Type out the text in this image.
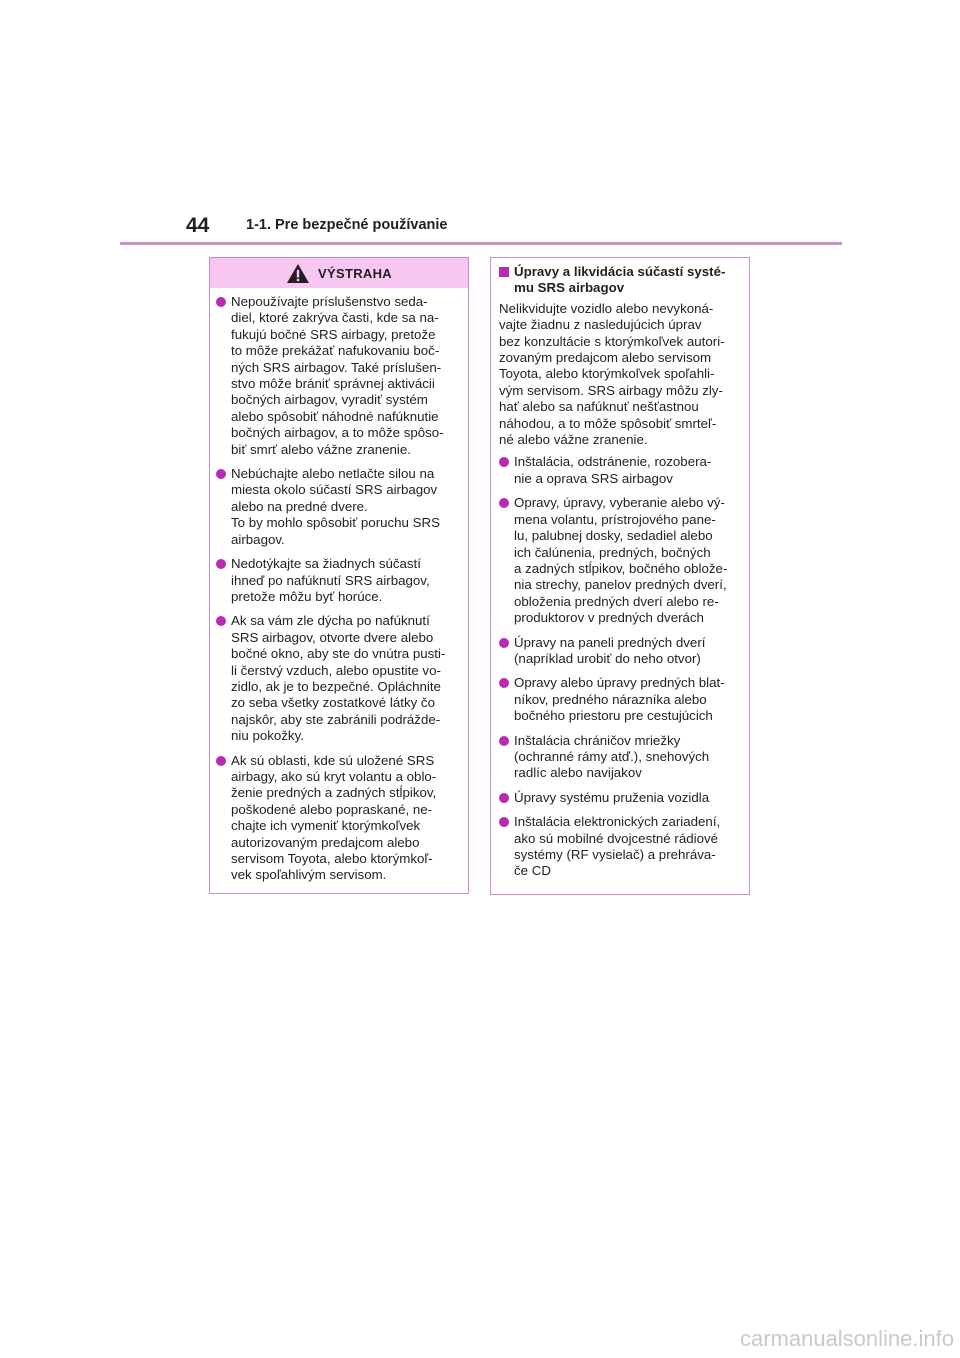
44	1-1. Pre bezpečné používanie
VÝSTRAHA
Nepoužívajte príslušenstvo seda-
diel, ktoré zakrýva časti, kde sa na-
fukujú bočné SRS airbagy, pretože
to môže prekážať nafukovaniu boč-
ných SRS airbagov. Také príslušen-
stvo môže brániť správnej aktivácii
bočných airbagov, vyradiť systém
alebo spôsobiť náhodné nafúknutie
bočných airbagov, a to môže spôso-
biť smrť alebo vážne zranenie.
Nebúchajte alebo netlačte silou na
miesta okolo súčastí SRS airbagov
alebo na predné dvere.
To by mohlo spôsobiť poruchu SRS
airbagov.
Nedotýkajte sa žiadnych súčastí
ihneď po nafúknutí SRS airbagov,
pretože môžu byť horúce.
Ak sa vám zle dýcha po nafúknutí
SRS airbagov, otvorte dvere alebo
bočné okno, aby ste do vnútra pusti-
li čerstvý vzduch, alebo opustite vo-
zidlo, ak je to bezpečné. Opláchnite
zo seba všetky zostatkové látky čo
najskôr, aby ste zabránili podrážde-
niu pokožky.
Ak sú oblasti, kde sú uložené SRS
airbagy, ako sú kryt volantu a oblo-
ženie predných a zadných stĺpikov,
poškodené alebo popraskané, ne-
chajte ich vymeniť ktorýmkoľvek
autorizovaným predajcom alebo
servisom Toyota, alebo ktorýmkoľ-
vek spoľahlivým servisom.
Úpravy a likvidácia súčastí systé-
mu SRS airbagov
Nelikvidujte vozidlo alebo nevykoná-
vajte žiadnu z nasledujúcich úprav
bez konzultácie s ktorýmkoľvek autori-
zovaným predajcom alebo servisom
Toyota, alebo ktorýmkoľvek spoľahli-
vým servisom. SRS airbagy môžu zly-
hať alebo sa nafúknuť nešťastnou
náhodou, a to môže spôsobiť smrteľ-
né alebo vážne zranenie.
Inštalácia, odstránenie, rozobera-
nie a oprava SRS airbagov
Opravy, úpravy, vyberanie alebo vý-
mena volantu, prístrojového pane-
lu, palubnej dosky, sedadiel alebo
ich čalúnenia, predných, bočných
a zadných stĺpikov, bočného oblože-
nia strechy, panelov predných dverí,
obloženia predných dverí alebo re-
produktorov v predných dverách
Úpravy na paneli predných dverí
(napríklad urobiť do neho otvor)
Opravy alebo úpravy predných blat-
níkov, predného nárazníka alebo
bočného priestoru pre cestujúcich
Inštalácia chráničov mriežky
(ochranné rámy atď.), snehových
radlíc alebo navijakov
Úpravy systému pruženia vozidla
Inštalácia elektronických zariadení,
ako sú mobilné dvojcestné rádiové
systémy (RF vysielač) a prehráva-
če CD
carmanualsonline.info
